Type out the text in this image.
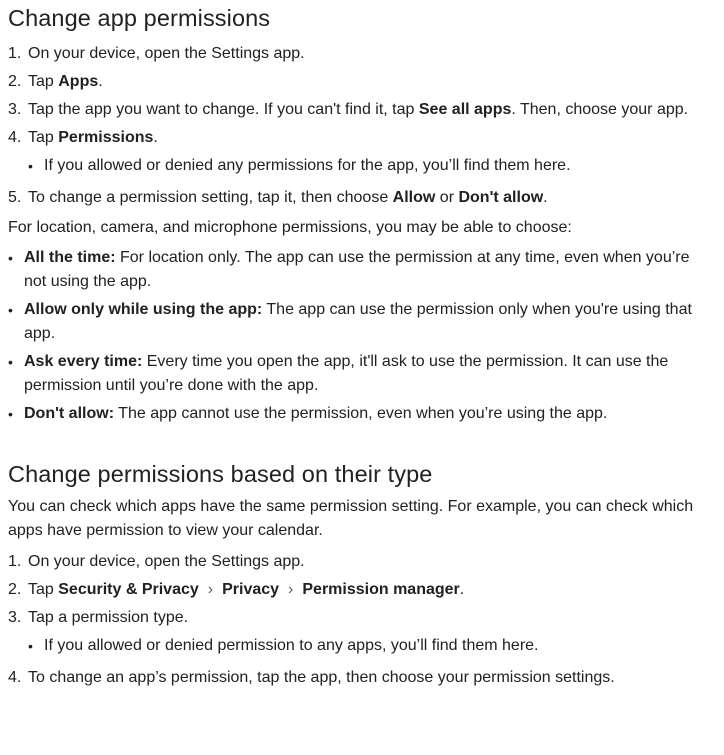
Change app permissions
1. On your device, open the Settings app.
2. Tap Apps.
3. Tap the app you want to change. If you can't find it, tap See all apps. Then, choose your app.
4. Tap Permissions.
• If you allowed or denied any permissions for the app, you’ll find them here.
5. To change a permission setting, tap it, then choose Allow or Don't allow.

For location, camera, and microphone permissions, you may be able to choose:

• All the time: For location only. The app can use the permission at any time, even when you’re not using the app.
• Allow only while using the app: The app can use the permission only when you're using that app.
• Ask every time: Every time you open the app, it'll ask to use the permission. It can use the permission until you’re done with the app.
• Don't allow: The app cannot use the permission, even when you’re using the app.
Change permissions based on their type

You can check which apps have the same permission setting. For example, you can check which apps have permission to view your calendar.

1. On your device, open the Settings app.
2. Tap Security & Privacy › Privacy › Permission manager.
3. Tap a permission type.
• If you allowed or denied permission to any apps, you’ll find them here.
4. To change an app’s permission, tap the app, then choose your permission settings.
